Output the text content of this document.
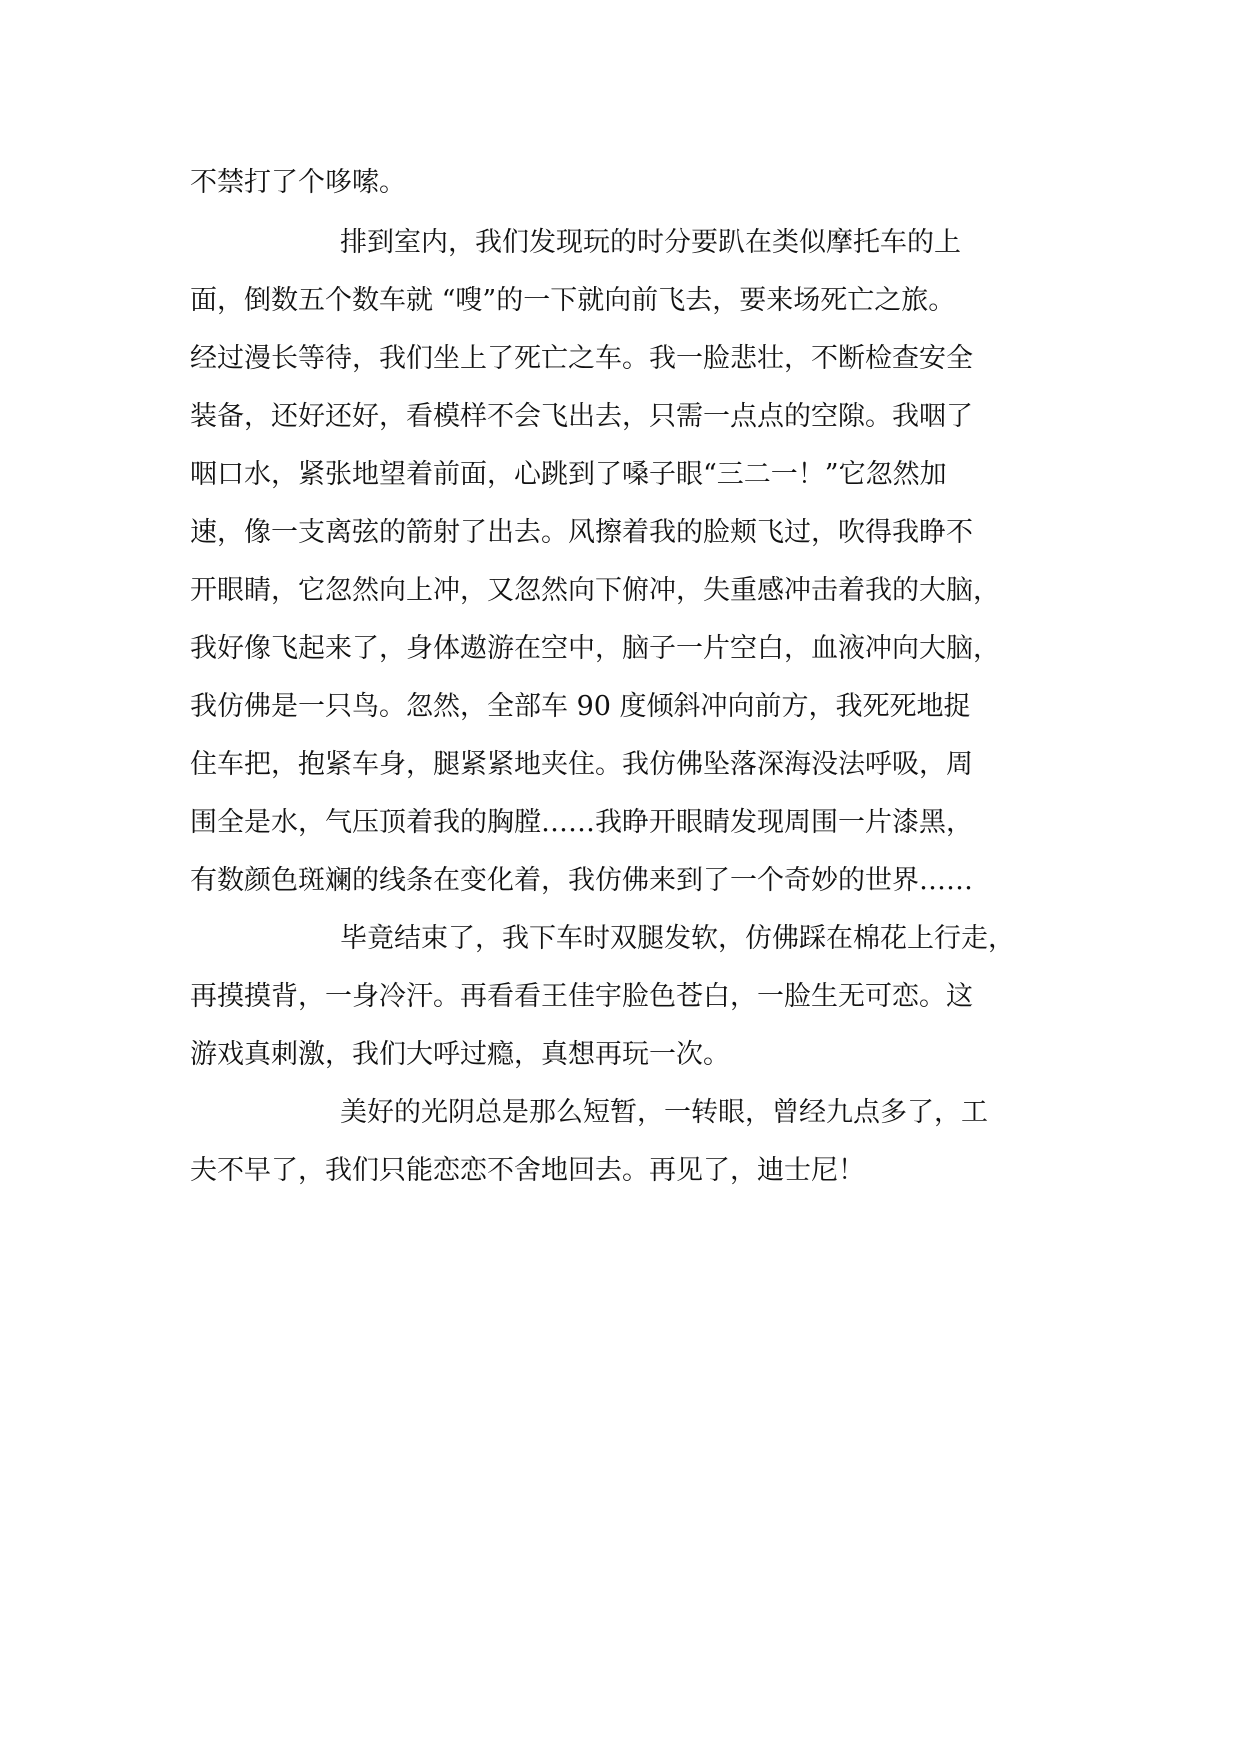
不禁打了个哆嗦。
排到室内，我们发现玩的时分要趴在类似摩托车的上
面，倒数五个数车就 “嗖”的一下就向前飞去，要来场死亡之旅。
经过漫长等待，我们坐上了死亡之车。我一脸悲壮，不断检查安全
装备，还好还好，看模样不会飞出去，只需一点点的空隙。我咽了
咽口水，紧张地望着前面，心跳到了嗓子眼“三二一！”它忽然加
速，像一支离弦的箭射了出去。风擦着我的脸颊飞过，吹得我睁不
开眼睛，它忽然向上冲，又忽然向下俯冲，失重感冲击着我的大脑，
我好像飞起来了，身体遨游在空中，脑子一片空白，血液冲向大脑，
我仿佛是一只鸟。忽然，全部车 90 度倾斜冲向前方，我死死地捉
住车把，抱紧车身，腿紧紧地夹住。我仿佛坠落深海没法呼吸，周
围全是水，气压顶着我的胸膛……我睁开眼睛发现周围一片漆黑，
有数颜色斑斓的线条在变化着，我仿佛来到了一个奇妙的世界……
毕竟结束了，我下车时双腿发软，仿佛踩在棉花上行走，
再摸摸背，一身冷汗。再看看王佳宇脸色苍白，一脸生无可恋。这
游戏真刺激，我们大呼过瘾，真想再玩一次。
美好的光阴总是那么短暂，一转眼，曾经九点多了，工
夫不早了，我们只能恋恋不舍地回去。再见了，迪士尼！
